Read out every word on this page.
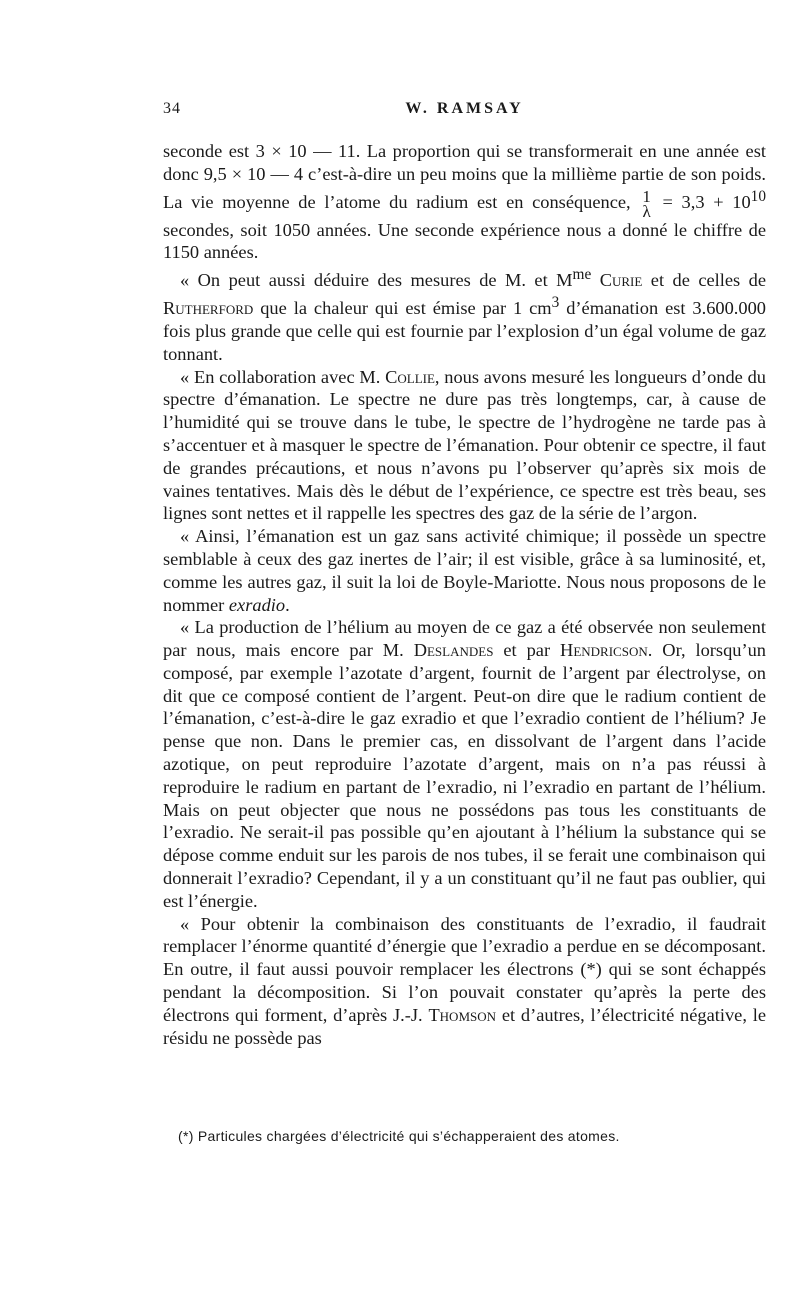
34	W. RAMSAY

seconde est 3 × 10 — 11. La proportion qui se transformerait en une année est donc 9,5 × 10 — 4 c’est-à-dire un peu moins que la millième partie de son poids. La vie moyenne de l’atome du radium est en conséquence, 1
$\lambda = 3,3 + 10^{10}$ secondes, soit 1050 années. Une seconde expérience nous a donné le chiffre de 1150 années.

« On peut aussi déduire des mesures de M. et $M^{me}$ Curie et de celles de Rutherford que la chaleur qui est émise par 1 $cm^3$ d’émanation est 3.600.000 fois plus grande que celle qui est fournie par l’explosion d’un égal volume de gaz tonnant.

« En collaboration avec M. Collie, nous avons mesuré les longueurs d’onde du spectre d’émanation. Le spectre ne dure pas très longtemps, car, à cause de l’humidité qui se trouve dans le tube, le spectre de l’hydrogène ne tarde pas à s’accentuer et à masquer le spectre de l’émanation. Pour obtenir ce spectre, il faut de grandes précautions, et nous n’avons pu l’observer qu’après six mois de vaines tentatives. Mais dès le début de l’expérience, ce spectre est très beau, ses lignes sont nettes et il rappelle les spectres des gaz de la série de l’argon.

« Ainsi, l’émanation est un gaz sans activité chimique; il possède un spectre semblable à ceux des gaz inertes de l’air; il est visible, grâce à sa luminosité, et, comme les autres gaz, il suit la loi de Boyle-Mariotte. Nous nous proposons de le nommer exradio.

« La production de l’hélium au moyen de ce gaz a été observée non seulement par nous, mais encore par M. Deslandes et par Hendricson. Or, lorsqu’un composé, par exemple l’azotate d’argent, fournit de l’argent par électrolyse, on dit que ce composé contient de l’argent. Peut-on dire que le radium contient de l’émanation, c’est-à-dire le gaz exradio et que l’exradio contient de l’hélium? Je pense que non. Dans le premier cas, en dissolvant de l’argent dans l’acide azotique, on peut reproduire l’azotate d’argent, mais on n’a pas réussi à reproduire le radium en partant de l’exradio, ni l’exradio en partant de l’hélium. Mais on peut objecter que nous ne possédons pas tous les constituants de l’exradio. Ne serait-il pas possible qu’en ajoutant à l’hélium la substance qui se dépose comme enduit sur les parois de nos tubes, il se ferait une combinaison qui donnerait l’exradio? Cependant, il y a un constituant qu’il ne faut pas oublier, qui est l’énergie.

« Pour obtenir la combinaison des constituants de l’exradio, il faudrait remplacer l’énorme quantité d’énergie que l’exradio a perdue en se décomposant. En outre, il faut aussi pouvoir remplacer les électrons (*) qui se sont échappés pendant la décomposition. Si l’on pouvait constater qu’après la perte des électrons qui forment, d’après J.-J. Thomson et d’autres, l’électricité négative, le résidu ne possède pas

(*) Particules chargées d’électricité qui s’échapperaient des atomes.
